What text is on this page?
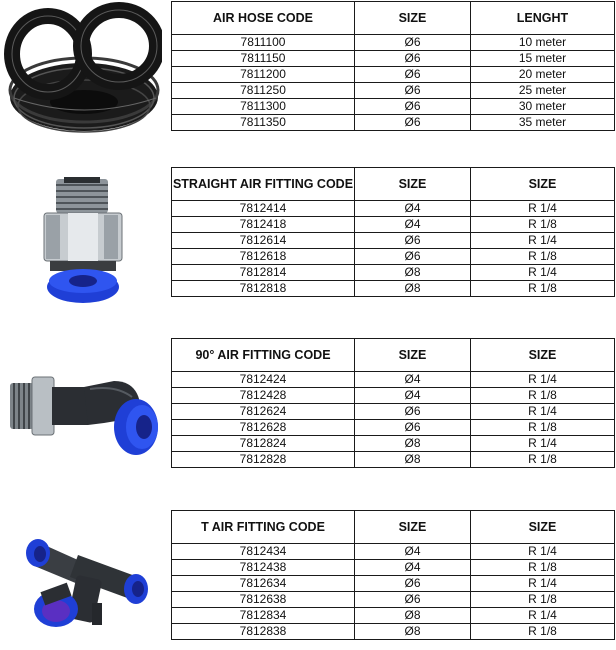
AIR HOSE CODE	SIZE	LENGHT
7811100	Ø6	10 meter
7811150	Ø6	15 meter
7811200	Ø6	20 meter
7811250	Ø6	25 meter
7811300	Ø6	30 meter
7811350	Ø6	35 meter
STRAIGHT AIR FITTING CODE	SIZE	SIZE
7812414	Ø4	R 1/4
7812418	Ø4	R 1/8
7812614	Ø6	R 1/4
7812618	Ø6	R 1/8
7812814	Ø8	R 1/4
7812818	Ø8	R 1/8
90° AIR FITTING CODE	SIZE	SIZE
7812424	Ø4	R 1/4
7812428	Ø4	R 1/8
7812624	Ø6	R 1/4
7812628	Ø6	R 1/8
7812824	Ø8	R 1/4
7812828	Ø8	R 1/8
T AIR FITTING CODE	SIZE	SIZE
7812434	Ø4	R 1/4
7812438	Ø4	R 1/8
7812634	Ø6	R 1/4
7812638	Ø6	R 1/8
7812834	Ø8	R 1/4
7812838	Ø8	R 1/8
